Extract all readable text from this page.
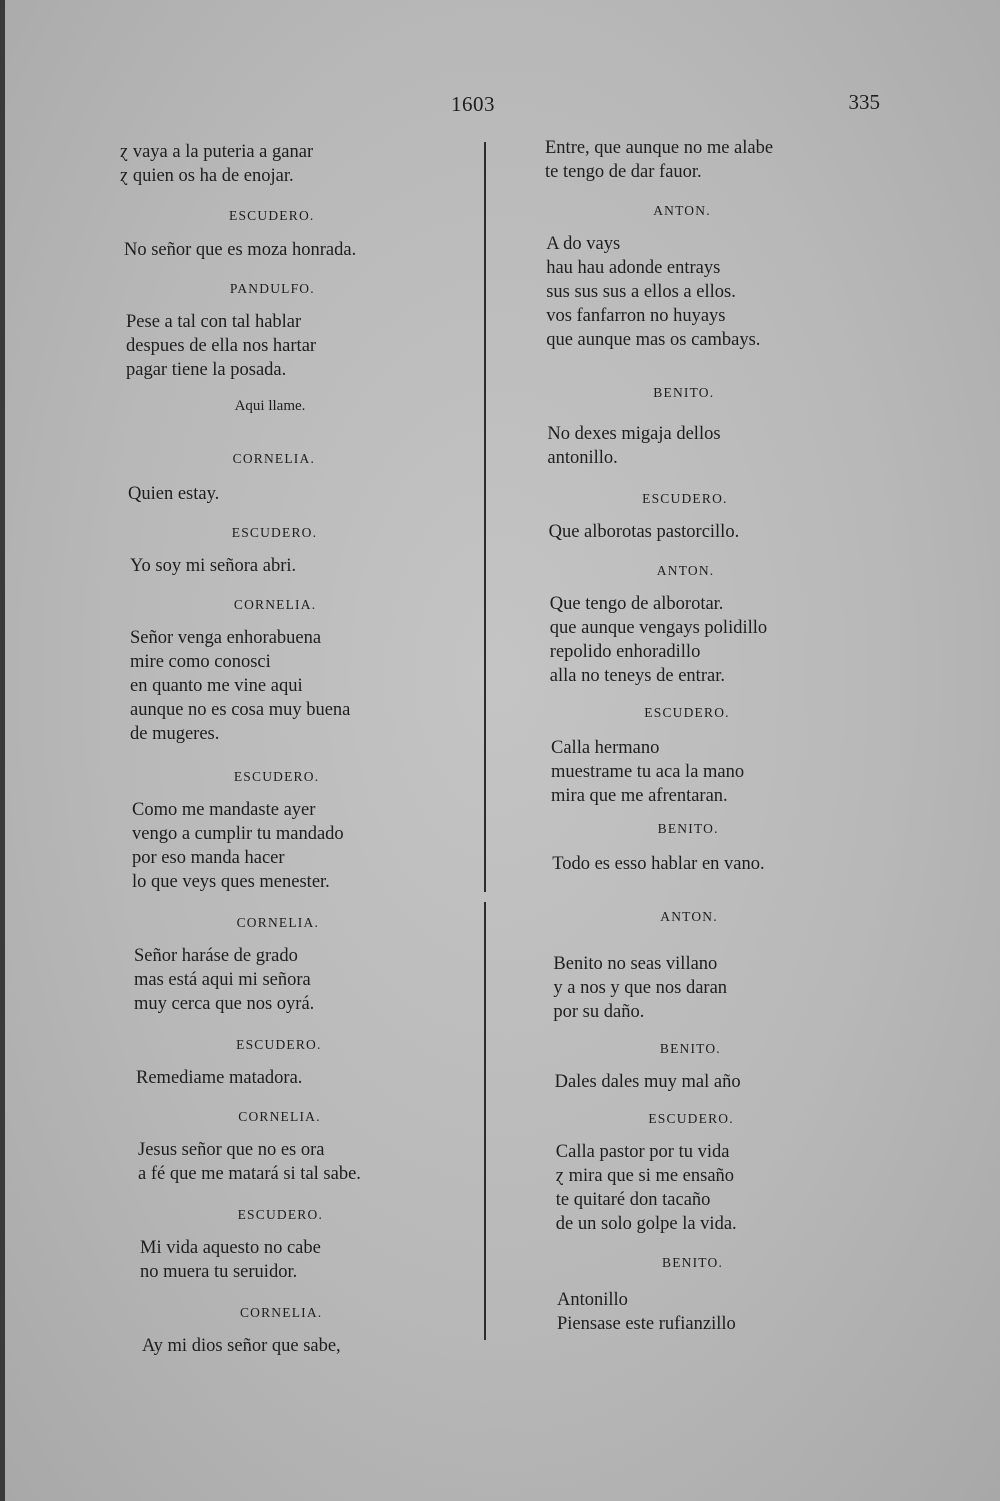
1603	335
ɀ vaya a la puteria a ganar
ɀ quien os ha de enojar.
ESCUDERO.
No señor que es moza honrada.
PANDULFO.
Pese a tal con tal hablar
despues de ella nos hartar
pagar tiene la posada.
Aqui llame.
CORNELIA.
Quien estay.
ESCUDERO.
Yo soy mi señora abri.
CORNELIA.
Señor venga enhorabuena
mire como conosci
en quanto me vine aqui
aunque no es cosa muy buena
de mugeres.
ESCUDERO.
Como me mandaste ayer
vengo a cumplir tu mandado
por eso manda hacer
lo que veys ques menester.
CORNELIA.
Señor haráse de grado
mas está aqui mi señora
muy cerca que nos oyrá.
ESCUDERO.
Remediame matadora.
CORNELIA.
Jesus señor que no es ora
a fé que me matará si tal sabe.
ESCUDERO.
Mi vida aquesto no cabe
no muera tu seruidor.
CORNELIA.
Ay mi dios señor que sabe,
Entre, que aunque no me alabe
te tengo de dar fauor.
ANTON.
A do vays
hau hau adonde entrays
sus sus sus a ellos a ellos.
vos fanfarron no huyays
que aunque mas os cambays.
BENITO.
No dexes migaja dellos
antonillo.
ESCUDERO.
Que alborotas pastorcillo.
ANTON.
Que tengo de alborotar.
que aunque vengays polidillo
repolido enhoradillo
alla no teneys de entrar.
ESCUDERO.
Calla hermano
muestrame tu aca la mano
mira que me afrentaran.
BENITO.
Todo es esso hablar en vano.
ANTON.
Benito no seas villano
y a nos y que nos daran
por su daño.
BENITO.
Dales dales muy mal año
ESCUDERO.
Calla pastor por tu vida
ɀ mira que si me ensaño
te quitaré don tacaño
de un solo golpe la vida.
BENITO.
Antonillo
Piensase este rufianzillo
